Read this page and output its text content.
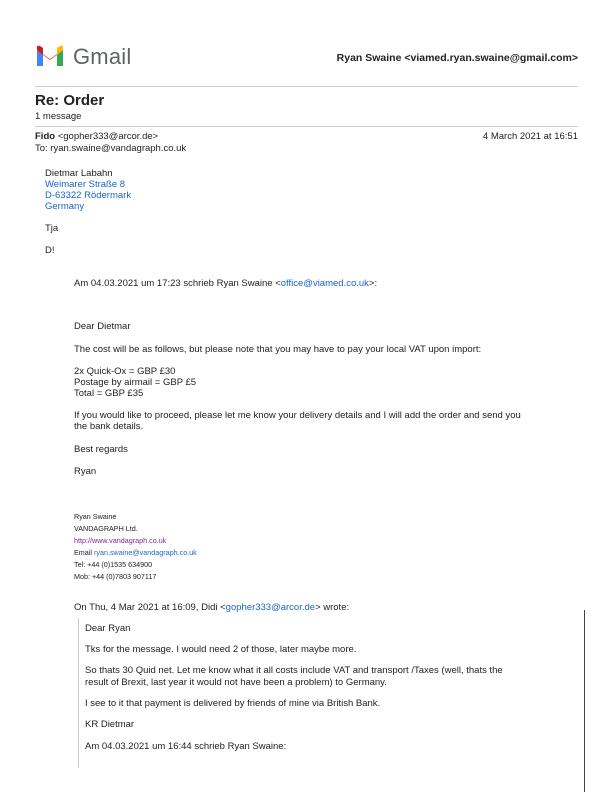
Gmail	Ryan Swaine <viamed.ryan.swaine@gmail.com>
Re: Order
1 message
Fido <gopher333@arcor.de>	4 March 2021 at 16:51
To: ryan.swaine@vandagraph.co.uk
Dietmar Labahn
Weimarer Straße 8
D-63322 Rödermark
Germany
Tja
D!
Am 04.03.2021 um 17:23 schrieb Ryan Swaine <office@viamed.co.uk>:
Dear Dietmar
The cost will be as follows, but please note that you may have to pay your local VAT upon import:
2x Quick-Ox = GBP £30
Postage by airmail = GBP £5
Total = GBP £35
If you would like to proceed, please let me know your delivery details and I will add the order and send you
the bank details.
Best regards
Ryan
Ryan Swaine
VANDAGRAPH Ltd.
http://www.vandagraph.co.uk
Email ryan.swaine@vandagraph.co.uk
Tel: +44 (0)1535 634900
Mob: +44 (0)7803 907117
On Thu, 4 Mar 2021 at 16:09, Didi <gopher333@arcor.de> wrote:
Dear Ryan
Tks for the message. I would need 2 of those, later maybe more.
So thats 30 Quid net. Let me know what it all costs include VAT and transport /Taxes (well, thats the
result of Brexit, last year it would not have been a problem) to Germany.
I see to it that payment is delivered by friends of mine via British Bank.
KR Dietmar
Am 04.03.2021 um 16:44 schrieb Ryan Swaine:
